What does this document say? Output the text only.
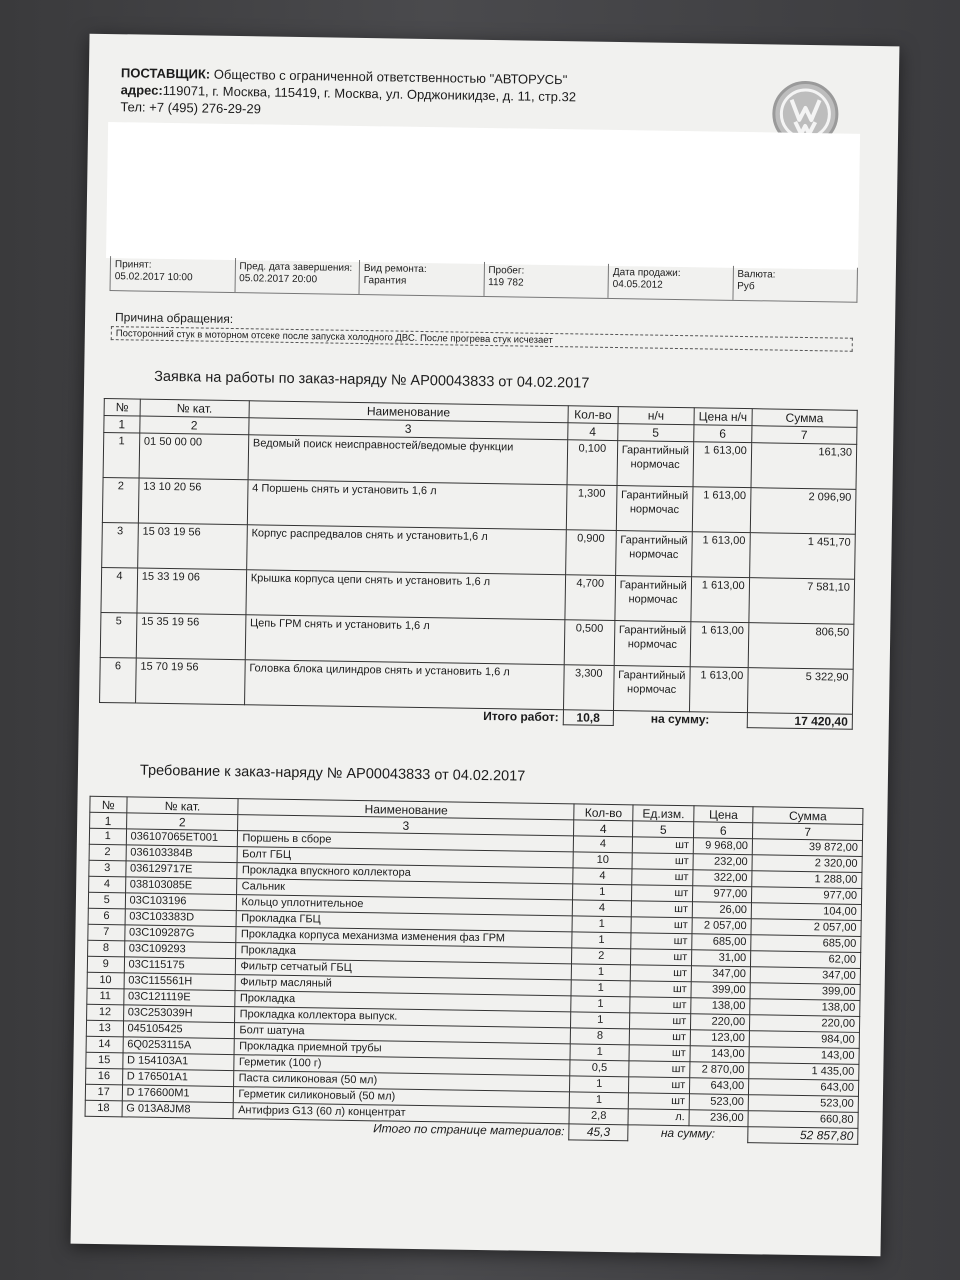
ПОСТАВЩИК: Общество с ограниченной ответственностью "АВТОРУСЬ"
адрес:119071, г. Москва, 115419, г. Москва, ул. Орджоникидзе, д. 11, стр.32
Тел: +7 (495) 276-29-29
Принят:
05.02.2017 10:00
Пред. дата завершения:
05.02.2017 20:00
Вид ремонта:
Гарантия
Пробег:
119 782
Дата продажи:
04.05.2012
Валюта:
Руб
Причина обращения:
Посторонний стук в моторном отсеке после запуска холодного ДВС. После прогрева стук исчезает
Заявка на работы по заказ-наряду № АР00043833 от 04.02.2017
№	№ кат.	Наименование	Кол-во	н/ч	Цена н/ч	Сумма
1	2	3	4	5	6	7
1	01 50 00 00	Ведомый поиск неисправностей/ведомые функции	0,100	Гарантийный нормочас	1 613,00	161,30
2	13 10 20 56	4 Поршень снять и установить 1,6 л	1,300	Гарантийный нормочас	1 613,00	2 096,90
3	15 03 19 56	Корпус распредвалов снять и установить1,6 л	0,900	Гарантийный нормочас	1 613,00	1 451,70
4	15 33 19 06	Крышка корпуса цепи снять и установить 1,6 л	4,700	Гарантийный нормочас	1 613,00	7 581,10
5	15 35 19 56	Цепь ГРМ снять и установить 1,6 л	0,500	Гарантийный нормочас	1 613,00	806,50
6	15 70 19 56	Головка блока цилиндров снять и установить 1,6 л	3,300	Гарантийный нормочас	1 613,00	5 322,90
Итого работ:			10,8	на сумму:		17 420,40
Требование к заказ-наряду № АР00043833 от 04.02.2017
№	№ кат.	Наименование	Кол-во	Ед.изм.	Цена	Сумма
1	2	3	4	5	6	7
1	036107065ET001	Поршень в сборе	4	шт	9 968,00	39 872,00
2	036103384B	Болт ГБЦ	10	шт	232,00	2 320,00
3	036129717E	Прокладка впускного коллектора	4	шт	322,00	1 288,00
4	038103085E	Сальник	1	шт	977,00	977,00
5	03C103196	Кольцо уплотнительное	4	шт	26,00	104,00
6	03C103383D	Прокладка ГБЦ	1	шт	2 057,00	2 057,00
7	03C109287G	Прокладка корпуса механизма изменения фаз ГРМ	1	шт	685,00	685,00
8	03C109293	Прокладка	2	шт	31,00	62,00
9	03C115175	Фильтр сетчатый ГБЦ	1	шт	347,00	347,00
10	03C115561H	Фильтр масляный	1	шт	399,00	399,00
11	03C121119E	Прокладка	1	шт	138,00	138,00
12	03C253039H	Прокладка коллектора выпуск.	1	шт	220,00	220,00
13	045105425	Болт шатуна	8	шт	123,00	984,00
14	6Q0253115A	Прокладка приемной трубы	1	шт	143,00	143,00
15	D 154103A1	Герметик (100 г)	0,5	шт	2 870,00	1 435,00
16	D 176501A1	Паста силиконовая (50 мл)	1	шт	643,00	643,00
17	D 176600M1	Герметик силиконовый (50 мл)	1	шт	523,00	523,00
18	G 013A8JM8	Антифриз G13 (60 л) концентрат	2,8	л.	236,00	660,80
Итого по странице материалов:			45,3	на сумму:		52 857,80
